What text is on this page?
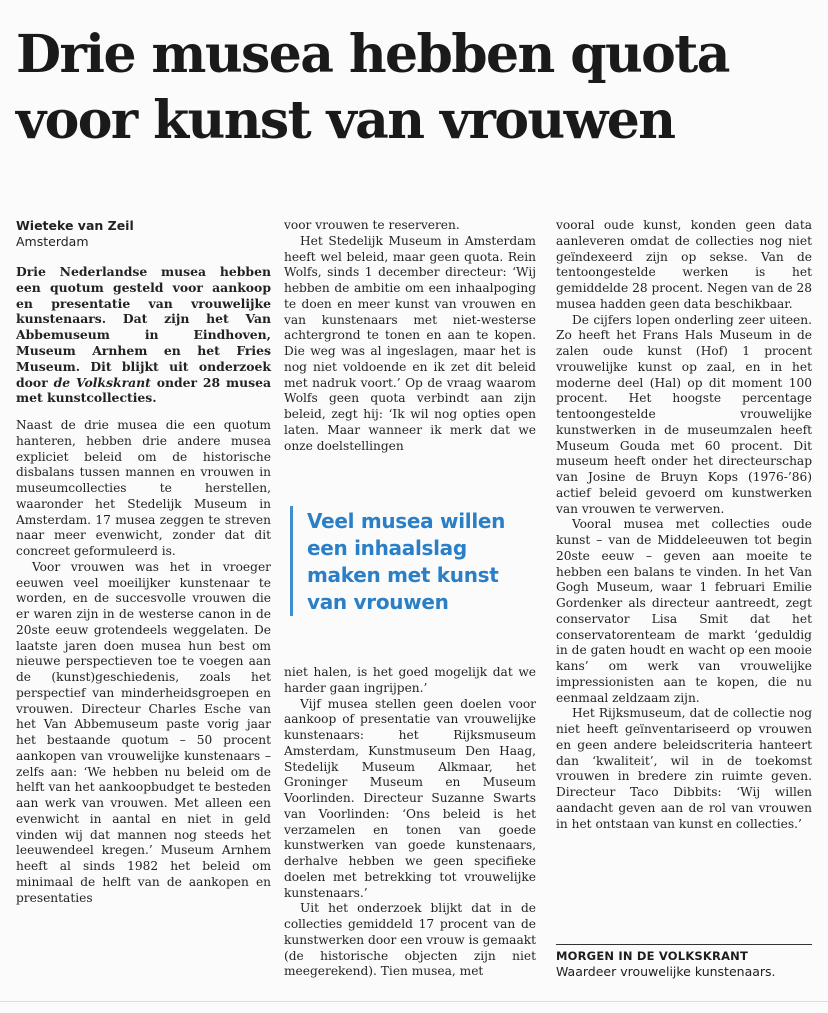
Drie musea hebben quota
voor kunst van vrouwen

Wieteke van Zeil

Amsterdam

Drie Nederlandse musea hebben een quotum gesteld voor aankoop en presentatie van vrouwelijke kunstenaars. Dat zijn het Van Abbemuseum in Eindhoven, Museum Arnhem en het Fries Museum. Dit blijkt uit onderzoek door de Volkskrant onder 28 musea met kunstcollecties.

Naast de drie musea die een quotum hanteren, hebben drie andere musea expliciet beleid om de historische disbalans tussen mannen en vrouwen in museumcollecties te herstellen, waaronder het Stedelijk Museum in Amsterdam. 17 musea zeggen te streven naar meer evenwicht, zonder dat dit concreet geformuleerd is.

Voor vrouwen was het in vroeger eeuwen veel moeilijker kunstenaar te worden, en de succesvolle vrouwen die er waren zijn in de westerse canon in de 20ste eeuw grotendeels weggelaten. De laatste jaren doen musea hun best om nieuwe perspectieven toe te voegen aan de (kunst)geschiedenis, zoals het perspectief van minderheidsgroepen en vrouwen. Directeur Charles Esche van het Van Abbemuseum paste vorig jaar het bestaande quotum – 50 procent aankopen van vrouwelijke kunstenaars – zelfs aan: ‘We hebben nu beleid om de helft van het aankoopbudget te besteden aan werk van vrouwen. Met alleen een evenwicht in aantal en niet in geld vinden wij dat mannen nog steeds het leeuwendeel kregen.’ Museum Arnhem heeft al sinds 1982 het beleid om minimaal de helft van de aankopen en presentaties

voor vrouwen te reserveren.

Het Stedelijk Museum in Amsterdam heeft wel beleid, maar geen quota. Rein Wolfs, sinds 1 december directeur: ‘Wij hebben de ambitie om een inhaalpoging te doen en meer kunst van vrouwen en van kunstenaars met niet-westerse achtergrond te tonen en aan te kopen. Die weg was al ingeslagen, maar het is nog niet voldoende en ik zet dit beleid met nadruk voort.’ Op de vraag waarom Wolfs geen quota verbindt aan zijn beleid, zegt hij: ‘Ik wil nog opties open laten. Maar wanneer ik merk dat we onze doelstellingen

Veel musea willen
een inhaalslag
maken met kunst
van vrouwen

niet halen, is het goed mogelijk dat we harder gaan ingrijpen.’

Vijf musea stellen geen doelen voor aankoop of presentatie van vrouwelijke kunstenaars: het Rijksmuseum Amsterdam, Kunstmuseum Den Haag, Stedelijk Museum Alkmaar, het Groninger Museum en Museum Voorlinden. Directeur Suzanne Swarts van Voorlinden: ‘Ons beleid is het verzamelen en tonen van goede kunstwerken van goede kunstenaars, derhalve hebben we geen specifieke doelen met betrekking tot vrouwelijke kunstenaars.’

Uit het onderzoek blijkt dat in de collecties gemiddeld 17 procent van de kunstwerken door een vrouw is gemaakt (de historische objecten zijn niet meegerekend). Tien musea, met

vooral oude kunst, konden geen data aanleveren omdat de collecties nog niet geïndexeerd zijn op sekse. Van de tentoongestelde werken is het gemiddelde 28 procent. Negen van de 28 musea hadden geen data beschikbaar.

De cijfers lopen onderling zeer uiteen. Zo heeft het Frans Hals Museum in de zalen oude kunst (Hof) 1 procent vrouwelijke kunst op zaal, en in het moderne deel (Hal) op dit moment 100 procent. Het hoogste percentage tentoongestelde vrouwelijke kunstwerken in de museumzalen heeft Museum Gouda met 60 procent. Dit museum heeft onder het directeurschap van Josine de Bruyn Kops (1976-’86) actief beleid gevoerd om kunstwerken van vrouwen te verwerven.

Vooral musea met collecties oude kunst – van de Middeleeuwen tot begin 20ste eeuw – geven aan moeite te hebben een balans te vinden. In het Van Gogh Museum, waar 1 februari Emilie Gordenker als directeur aantreedt, zegt conservator Lisa Smit dat het conservatorenteam de markt ‘geduldig in de gaten houdt en wacht op een mooie kans’ om werk van vrouwelijke impressionisten aan te kopen, die nu eenmaal zeldzaam zijn.

Het Rijksmuseum, dat de collectie nog niet heeft geïnventariseerd op vrouwen en geen andere beleidscriteria hanteert dan ‘kwaliteit’, wil in de toekomst vrouwen in bredere zin ruimte geven. Directeur Taco Dibbits: ‘Wij willen aandacht geven aan de rol van vrouwen in het ontstaan van kunst en collecties.’

MORGEN IN DE VOLKSKRANT

Waardeer vrouwelijke kunstenaars.
